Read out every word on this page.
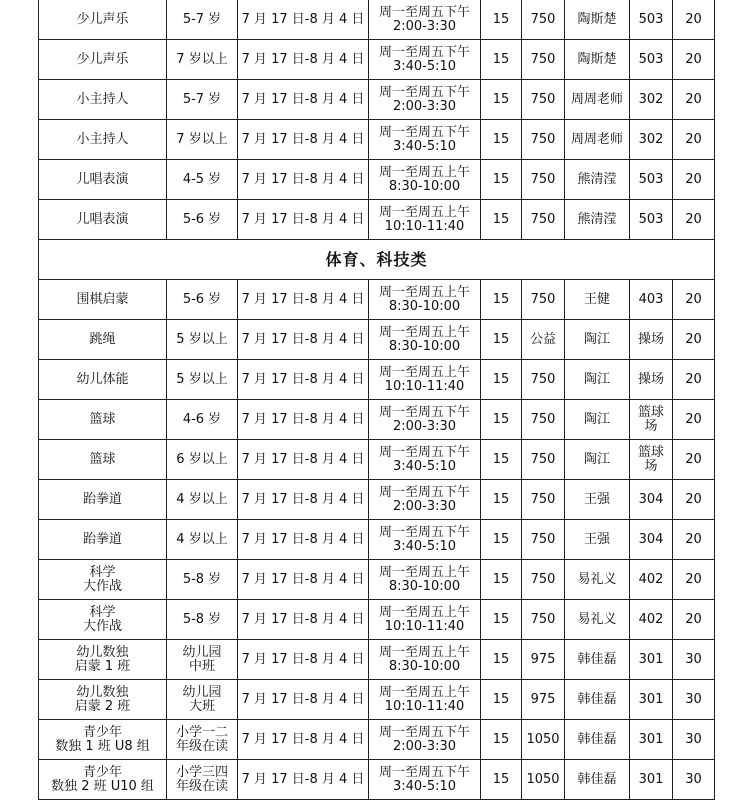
少儿声乐	5-7 岁	7 月 17 日-8 月 4 日	周一至周五下午
2:00-3:30	15	750	陶斯楚	503	20
少儿声乐	7 岁以上	7 月 17 日-8 月 4 日	周一至周五下午
3:40-5:10	15	750	陶斯楚	503	20
小主持人	5-7 岁	7 月 17 日-8 月 4 日	周一至周五下午
2:00-3:30	15	750	周周老师	302	20
小主持人	7 岁以上	7 月 17 日-8 月 4 日	周一至周五下午
3:40-5:10	15	750	周周老师	302	20
儿唱表演	4-5 岁	7 月 17 日-8 月 4 日	周一至周五上午
8:30-10:00	15	750	熊清滢	503	20
儿唱表演	5-6 岁	7 月 17 日-8 月 4 日	周一至周五上午
10:10-11:40	15	750	熊清滢	503	20
体育、科技类								
围棋启蒙	5-6 岁	7 月 17 日-8 月 4 日	周一至周五上午
8:30-10:00	15	750	王健	403	20
跳绳	5 岁以上	7 月 17 日-8 月 4 日	周一至周五上午
8:30-10:00	15	公益	陶江	操场	20
幼儿体能	5 岁以上	7 月 17 日-8 月 4 日	周一至周五上午
10:10-11:40	15	750	陶江	操场	20
篮球	4-6 岁	7 月 17 日-8 月 4 日	周一至周五下午
2:00-3:30	15	750	陶江	篮球
场	20
篮球	6 岁以上	7 月 17 日-8 月 4 日	周一至周五下午
3:40-5:10	15	750	陶江	篮球
场	20
跆拳道	4 岁以上	7 月 17 日-8 月 4 日	周一至周五下午
2:00-3:30	15	750	王强	304	20
跆拳道	4 岁以上	7 月 17 日-8 月 4 日	周一至周五下午
3:40-5:10	15	750	王强	304	20
科学
大作战	5-8 岁	7 月 17 日-8 月 4 日	周一至周五上午
8:30-10:00	15	750	易礼义	402	20
科学
大作战	5-8 岁	7 月 17 日-8 月 4 日	周一至周五上午
10:10-11:40	15	750	易礼义	402	20
幼儿数独
启蒙 1 班	幼儿园
中班	7 月 17 日-8 月 4 日	周一至周五上午
8:30-10:00	15	975	韩佳磊	301	30
幼儿数独
启蒙 2 班	幼儿园
大班	7 月 17 日-8 月 4 日	周一至周五上午
10:10-11:40	15	975	韩佳磊	301	30
青少年
数独 1 班 U8 组	小学一二
年级在读	7 月 17 日-8 月 4 日	周一至周五下午
2:00-3:30	15	1050	韩佳磊	301	30
青少年
数独 2 班 U10 组	小学三四
年级在读	7 月 17 日-8 月 4 日	周一至周五下午
3:40-5:10	15	1050	韩佳磊	301	30
